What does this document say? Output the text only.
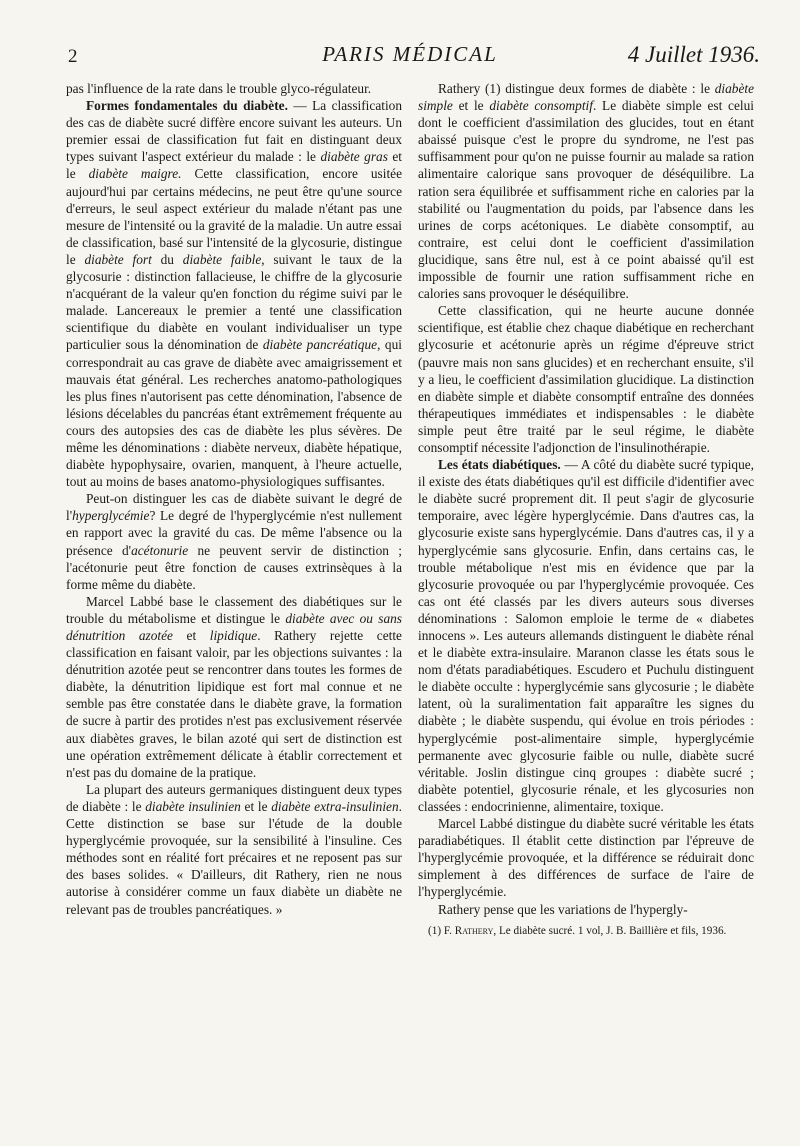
2	PARIS MÉDICAL	4 Juillet 1936.

pas l'influence de la rate dans le trouble glyco-régulateur.

Formes fondamentales du diabète. — La classification des cas de diabète sucré diffère encore suivant les auteurs. Un premier essai de classification fut fait en distinguant deux types suivant l'aspect extérieur du malade : le diabète gras et le diabète maigre. Cette classification, encore usitée aujourd'hui par certains médecins, ne peut être qu'une source d'erreurs, le seul aspect extérieur du malade n'étant pas une mesure de l'intensité ou la gravité de la maladie. Un autre essai de classification, basé sur l'intensité de la glycosurie, distingue le diabète fort du diabète faible, suivant le taux de la glycosurie : distinction fallacieuse, le chiffre de la glycosurie n'acquérant de la valeur qu'en fonction du régime suivi par le malade. Lancereaux le premier a tenté une classification scientifique du diabète en voulant individualiser un type particulier sous la dénomination de diabète pancréatique, qui correspondrait au cas grave de diabète avec amaigrissement et mauvais état général. Les recherches anatomo-pathologiques les plus fines n'autorisent pas cette dénomination, l'absence de lésions décelables du pancréas étant extrêmement fréquente au cours des autopsies des cas de diabète les plus sévères. De même les dénominations : diabète nerveux, diabète hépatique, diabète hypophysaire, ovarien, manquent, à l'heure actuelle, tout au moins de bases anatomo-physiologiques suffisantes.

Peut-on distinguer les cas de diabète suivant le degré de l'hyperglycémie? Le degré de l'hyperglycémie n'est nullement en rapport avec la gravité du cas. De même l'absence ou la présence d'acétonurie ne peuvent servir de distinction ; l'acétonurie peut être fonction de causes extrinsèques à la forme même du diabète.

Marcel Labbé base le classement des diabétiques sur le trouble du métabolisme et distingue le diabète avec ou sans dénutrition azotée et lipidique. Rathery rejette cette classification en faisant valoir, par les objections suivantes : la dénutrition azotée peut se rencontrer dans toutes les formes de diabète, la dénutrition lipidique est fort mal connue et ne semble pas être constatée dans le diabète grave, la formation de sucre à partir des protides n'est pas exclusivement réservée aux diabètes graves, le bilan azoté qui sert de distinction est une opération extrêmement délicate à établir correctement et n'est pas du domaine de la pratique.

La plupart des auteurs germaniques distinguent deux types de diabète : le diabète insulinien et le diabète extra-insulinien. Cette distinction se base sur l'étude de la double hyperglycémie provoquée, sur la sensibilité à l'insuline. Ces méthodes sont en réalité fort précaires et ne reposent pas sur des bases solides. « D'ailleurs, dit Rathery, rien ne nous autorise à considérer comme un faux diabète un diabète ne relevant pas de troubles pancréatiques. »

Rathery (1) distingue deux formes de diabète : le diabète simple et le diabète consomptif. Le diabète simple est celui dont le coefficient d'assimilation des glucides, tout en étant abaissé puisque c'est le propre du syndrome, ne l'est pas suffisamment pour qu'on ne puisse fournir au malade sa ration alimentaire calorique sans provoquer de déséquilibre. La ration sera équilibrée et suffisamment riche en calories par la stabilité ou l'augmentation du poids, par l'absence dans les urines de corps acétoniques. Le diabète consomptif, au contraire, est celui dont le coefficient d'assimilation glucidique, sans être nul, est à ce point abaissé qu'il est impossible de fournir une ration suffisamment riche en calories sans provoquer le déséquilibre.

Cette classification, qui ne heurte aucune donnée scientifique, est établie chez chaque diabétique en recherchant glycosurie et acétonurie après un régime d'épreuve strict (pauvre mais non sans glucides) et en recherchant ensuite, s'il y a lieu, le coefficient d'assimilation glucidique. La distinction en diabète simple et diabète consomptif entraîne des données thérapeutiques immédiates et indispensables : le diabète simple peut être traité par le seul régime, le diabète consomptif nécessite l'adjonction de l'insulinothérapie.

Les états diabétiques. — A côté du diabète sucré typique, il existe des états diabétiques qu'il est difficile d'identifier avec le diabète sucré proprement dit. Il peut s'agir de glycosurie temporaire, avec légère hyperglycémie. Dans d'autres cas, la glycosurie existe sans hyperglycémie. Dans d'autres cas, il y a hyperglycémie sans glycosurie. Enfin, dans certains cas, le trouble métabolique n'est mis en évidence que par la glycosurie provoquée ou par l'hyperglycémie provoquée. Ces cas ont été classés par les divers auteurs sous diverses dénominations : Salomon emploie le terme de « diabetes innocens ». Les auteurs allemands distinguent le diabète rénal et le diabète extra-insulaire. Maranon classe les états sous le nom d'états paradiabétiques. Escudero et Puchulu distinguent le diabète occulte : hyperglycémie sans glycosurie ; le diabète latent, où la suralimentation fait apparaître les signes du diabète ; le diabète suspendu, qui évolue en trois périodes : hyperglycémie post-alimentaire simple, hyperglycémie permanente avec glycosurie faible ou nulle, diabète sucré véritable. Joslin distingue cinq groupes : diabète sucré ; diabète potentiel, glycosurie rénale, et les glycosuries non classées : endocrinienne, alimentaire, toxique.

Marcel Labbé distingue du diabète sucré véritable les états paradiabétiques. Il établit cette distinction par l'épreuve de l'hyperglycémie provoquée, et la différence se réduirait donc simplement à des différences de surface de l'aire de l'hyperglycémie.

Rathery pense que les variations de l'hypergly-

(1) F. Rathery, Le diabète sucré. 1 vol, J. B. Baillière et fils, 1936.
